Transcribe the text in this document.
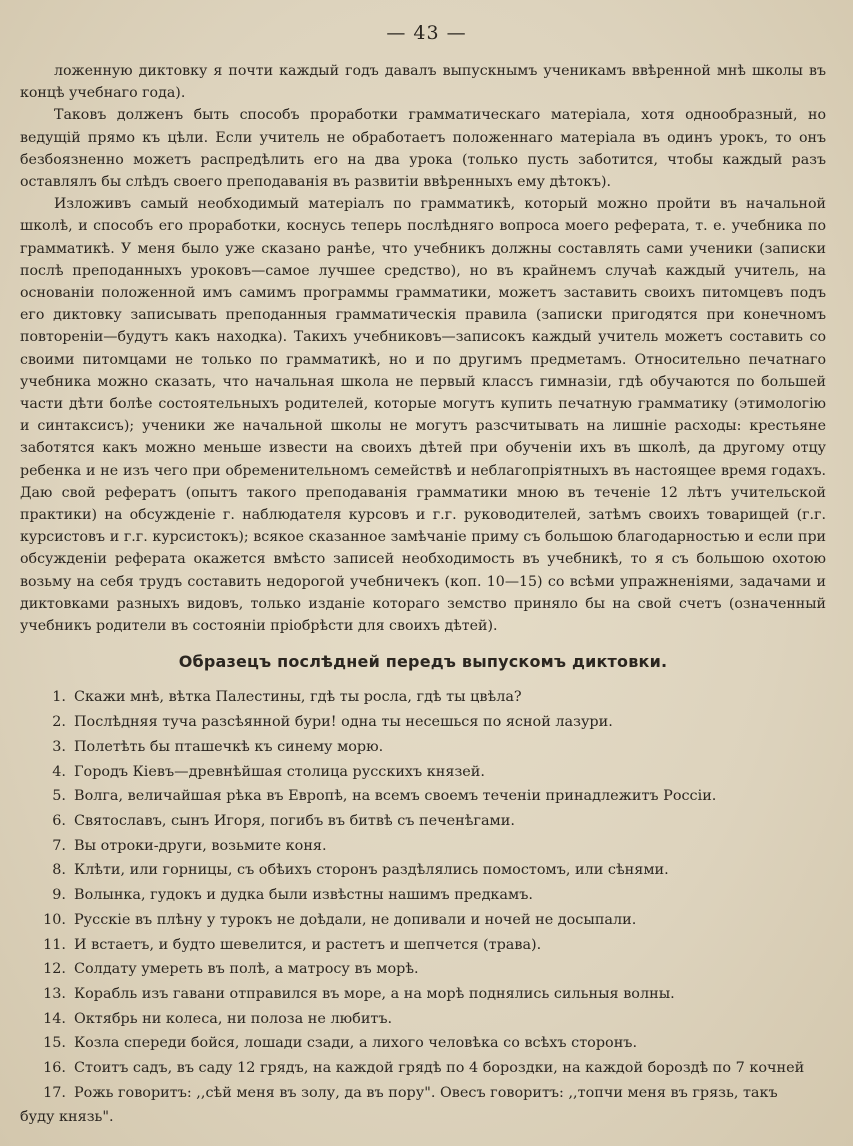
— 43 —

ложенную диктовку я почти каждый годъ давалъ выпускнымъ ученикамъ ввѣренной мнѣ школы въ концѣ учебнаго года).

Таковъ долженъ быть способъ проработки грамматическаго матеріала, хотя однообразный, но ведущій прямо къ цѣли. Если учитель не обработаетъ положеннаго матеріала въ одинъ урокъ, то онъ безбоязненно можетъ распредѣлить его на два урока (только пусть заботится, чтобы каждый разъ оставлялъ бы слѣдъ своего преподаванія въ развитіи ввѣренныхъ ему дѣтокъ).

Изложивъ самый необходимый матеріалъ по грамматикѣ, который можно пройти въ начальной школѣ, и способъ его проработки, коснусь теперь послѣдняго вопроса моего реферата, т. е. учебника по грамматикѣ. У меня было уже сказано ранѣе, что учебникъ должны составлять сами ученики (записки послѣ преподанныхъ уроковъ—самое лучшее средство), но въ крайнемъ случаѣ каждый учитель, на основаніи положенной имъ самимъ программы грамматики, можетъ заставить своихъ питомцевъ подъ его диктовку записывать преподанныя грамматическія правила (записки пригодятся при конечномъ повтореніи—будутъ какъ находка). Такихъ учебниковъ—записокъ каждый учитель можетъ составить со своими питомцами не только по грамматикѣ, но и по другимъ предметамъ. Относительно печатнаго учебника можно сказать, что начальная школа не первый классъ гимназіи, гдѣ обучаются по большей части дѣти болѣе состоятельныхъ родителей, которые могутъ купить печатную грамматику (этимологію и синтаксисъ); ученики же начальной школы не могутъ разсчитывать на лишніе расходы: крестьяне заботятся какъ можно меньше извести на своихъ дѣтей при обученіи ихъ въ школѣ, да другому отцу ребенка и не изъ чего при обременительномъ семействѣ и неблагопріятныхъ въ настоящее время годахъ. Даю свой рефератъ (опытъ такого преподаванія грамматики мною въ теченіе 12 лѣтъ учительской практики) на обсужденіе г. наблюдателя курсовъ и г.г. руководителей, затѣмъ своихъ товарищей (г.г. курсистовъ и г.г. курсистокъ); всякое сказанное замѣчаніе приму съ большою благодарностью и если при обсужденіи реферата окажется вмѣсто записей необходимость въ учебникѣ, то я съ большою охотою возьму на себя трудъ составить недорогой учебничекъ (коп. 10—15) со всѣми упражненіями, задачами и диктовками разныхъ видовъ, только изданіе котораго земство приняло бы на свой счетъ (означенный учебникъ родители въ состояніи пріобрѣсти для своихъ дѣтей).

Образецъ послѣдней передъ выпускомъ диктовки.
1. Скажи мнѣ, вѣтка Палестины, гдѣ ты росла, гдѣ ты цвѣла?
2. Послѣдняя туча разсѣянной бури! одна ты несешься по ясной лазури.
3. Полетѣть бы пташечкѣ къ синему морю.
4. Городъ Кіевъ—древнѣйшая столица русскихъ князей.
5. Волга, величайшая рѣка въ Европѣ, на всемъ своемъ теченіи принадлежитъ Россіи.
6. Святославъ, сынъ Игоря, погибъ въ битвѣ съ печенѣгами.
7. Вы отроки-други, возьмите коня.
8. Клѣти, или горницы, съ обѣихъ сторонъ раздѣлялись помостомъ, или сѣнями.
9. Волынка, гудокъ и дудка были извѣстны нашимъ предкамъ.
10. Русскіе въ плѣну у турокъ не доѣдали, не допивали и ночей не досыпали.
11. И встаетъ, и будто шевелится, и растетъ и шепчется (трава).
12. Солдату умереть въ полѣ, а матросу въ морѣ.
13. Корабль изъ гавани отправился въ море, а на морѣ поднялись сильныя волны.
14. Октябрь ни колеса, ни полоза не любитъ.
15. Козла спереди бойся, лошади сзади, а лихого человѣка со всѣхъ сторонъ.
16. Стоитъ садъ, въ саду 12 грядъ, на каждой грядѣ по 4 бороздки, на каждой бороздѣ по 7 кочней
17. Рожь говоритъ: ,,сѣй меня въ золу, да въ пору". Овесъ говоритъ: ,,топчи меня въ грязь, такъ
буду князь".
